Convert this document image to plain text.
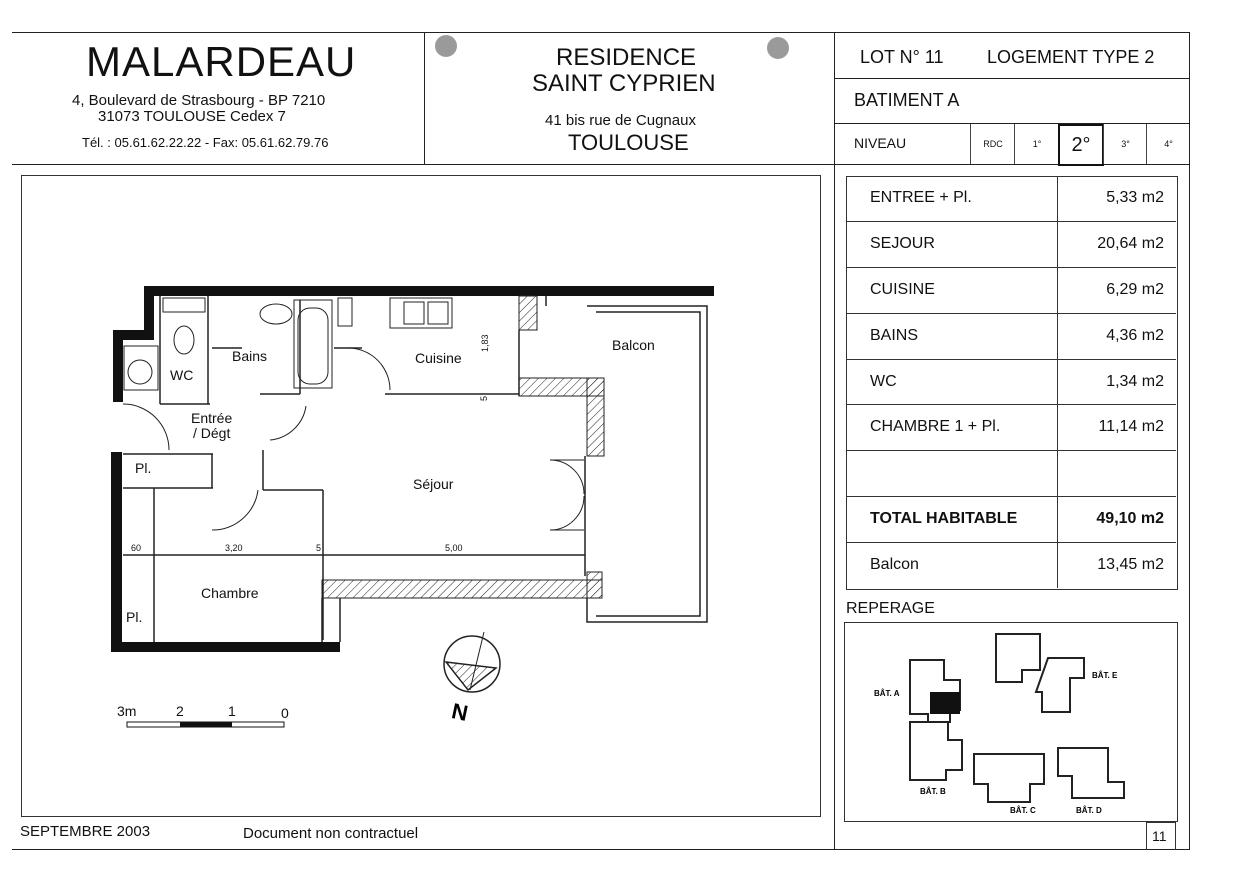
MALARDEAU
4, Boulevard de Strasbourg - BP 7210
31073 TOULOUSE Cedex 7
Tél. : 05.61.62.22.22 - Fax: 05.61.62.79.76
RESIDENCE
SAINT CYPRIEN
41 bis rue de Cugnaux
TOULOUSE
LOT N° 11 LOGEMENT TYPE 2
BATIMENT A
NIVEAU	RDC	1°	2°	3°	4°
ENTREE + Pl.	5,33 m2
SEJOUR	20,64 m2
CUISINE	6,29 m2
BAINS	4,36 m2
WC	1,34 m2
CHAMBRE 1 + Pl.	11,14 m2
TOTAL HABITABLE	49,10 m2
Balcon	13,45 m2
REPERAGE
BÂT. A
BÂT. E
BÂT. B
BÂT. C	BÂT. D
Bains	Cuisine
Balcon
WC
Entrée
/ Dégt
Séjour
Pl.
Pl.
Chambre
1,83
5
60	3,20	5	5,00
3m	2	1	0	N
SEPTEMBRE 2003	Document non contractuel	11
